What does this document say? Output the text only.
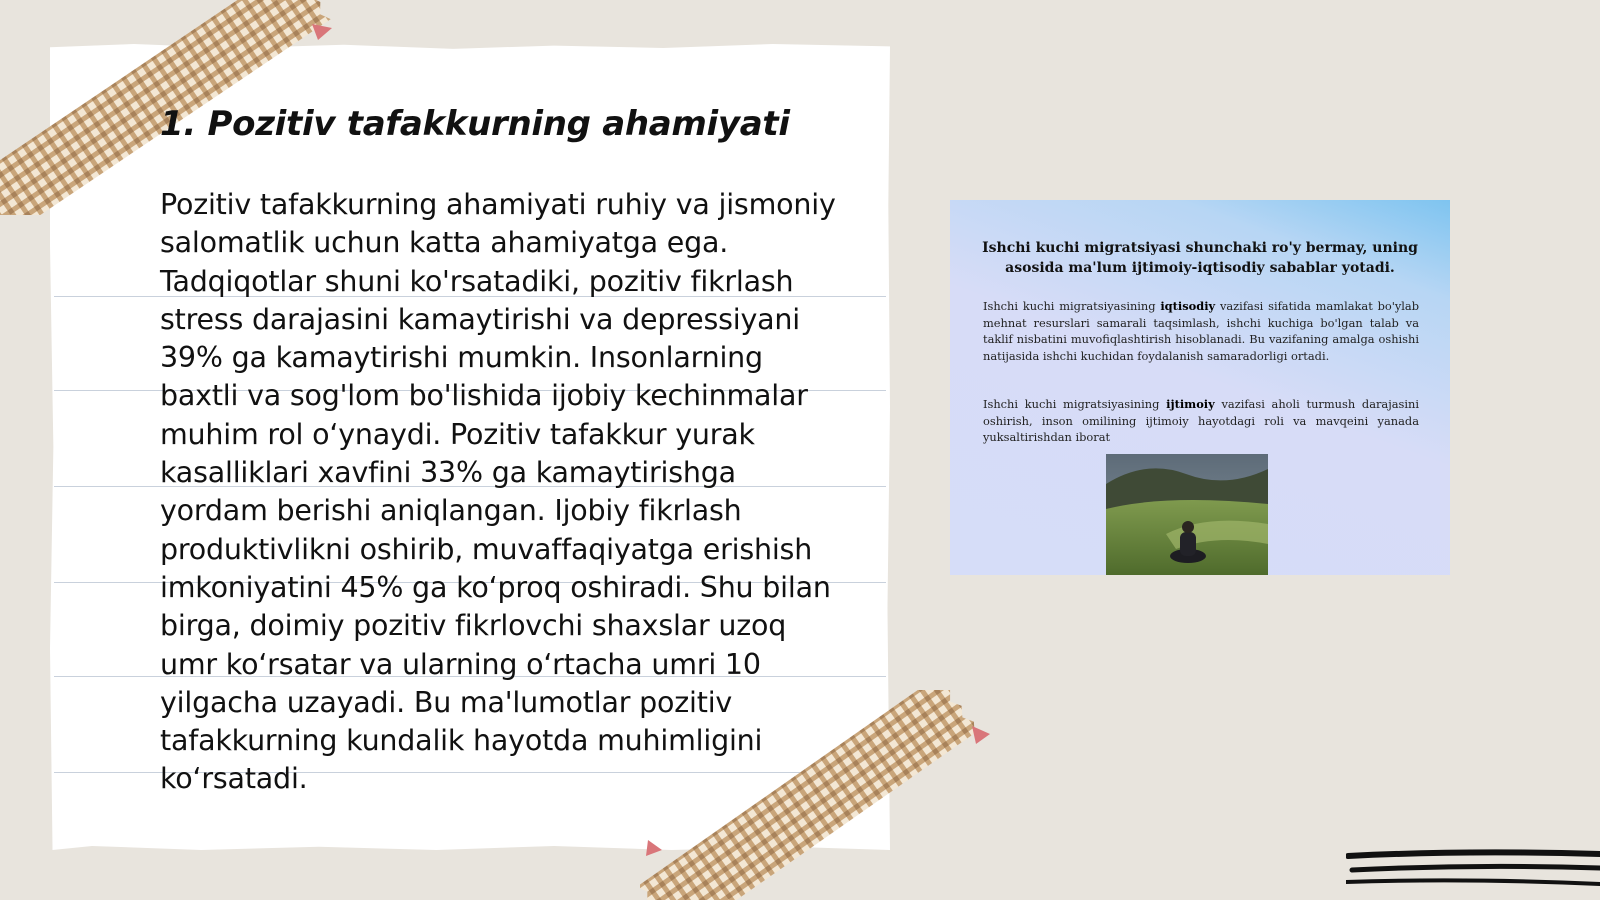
1. Pozitiv tafakkurning ahamiyati

Pozitiv tafakkurning ahamiyati ruhiy va jismoniy salomatlik uchun katta ahamiyatga ega. Tadqiqotlar shuni ko'rsatadiki, pozitiv fikrlash stress darajasini kamaytirishi va depressiyani 39% ga kamaytirishi mumkin. Insonlarning baxtli va sog'lom bo'lishida ijobiy kechinmalar muhim rol o‘ynaydi. Pozitiv tafakkur yurak kasalliklari xavfini 33% ga kamaytirishga yordam berishi aniqlangan. Ijobiy fikrlash produktivlikni oshirib, muvaffaqiyatga erishish imkoniyatini 45% ga ko‘proq oshiradi. Shu bilan birga, doimiy pozitiv fikrlovchi shaxslar uzoq umr ko‘rsatar va ularning o‘rtacha umri 10 yilgacha uzayadi. Bu ma'lumotlar pozitiv tafakkurning kundalik hayotda muhimligini ko‘rsatadi.

Ishchi kuchi migratsiyasi shunchaki ro'y bermay, uning asosida ma'lum ijtimoiy-iqtisodiy sabablar yotadi.

Ishchi kuchi migratsiyasining iqtisodiy vazifasi sifatida mamlakat bo'ylab mehnat resurslari samarali taqsimlash, ishchi kuchiga bo'lgan talab va taklif nisbatini muvofiqlashtirish hisoblanadi. Bu vazifaning amalga oshishi natijasida ishchi kuchidan foydalanish samaradorligi ortadi.

Ishchi kuchi migratsiyasining ijtimoiy vazifasi aholi turmush darajasini oshirish, inson omilining ijtimoiy hayotdagi roli va mavqeini yanada yuksaltirishdan iborat
